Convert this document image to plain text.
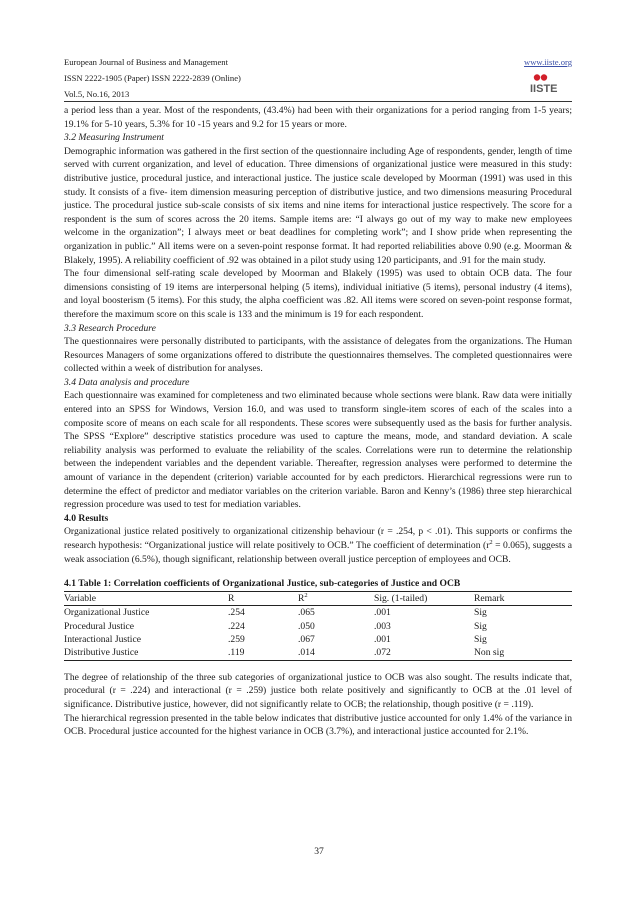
European Journal of Business and Management
ISSN 2222-1905 (Paper) ISSN 2222-2839 (Online)
Vol.5, No.16, 2013
www.iiste.org
IISTE

a period less than a year. Most of the respondents, (43.4%) had been with their organizations for a period ranging from 1-5 years; 19.1% for 5-10 years, 5.3% for 10 -15 years and 9.2 for 15 years or more.

3.2 Measuring Instrument

Demographic information was gathered in the first section of the questionnaire including Age of respondents, gender, length of time served with current organization, and level of education. Three dimensions of organizational justice were measured in this study: distributive justice, procedural justice, and interactional justice. The justice scale developed by Moorman (1991) was used in this study. It consists of a five- item dimension measuring perception of distributive justice, and two dimensions measuring Procedural justice. The procedural justice sub-scale consists of six items and nine items for interactional justice respectively. The score for a respondent is the sum of scores across the 20 items. Sample items are: “I always go out of my way to make new employees welcome in the organization”; I always meet or beat deadlines for completing work”; and I show pride when representing the organization in public.” All items were on a seven-point response format. It had reported reliabilities above 0.90 (e.g. Moorman & Blakely, 1995). A reliability coefficient of .92 was obtained in a pilot study using 120 participants, and .91 for the main study.

The four dimensional self-rating scale developed by Moorman and Blakely (1995) was used to obtain OCB data. The four dimensions consisting of 19 items are interpersonal helping (5 items), individual initiative (5 items), personal industry (4 items), and loyal boosterism (5 items). For this study, the alpha coefficient was .82. All items were scored on seven-point response format, therefore the maximum score on this scale is 133 and the minimum is 19 for each respondent.

3.3 Research Procedure

The questionnaires were personally distributed to participants, with the assistance of delegates from the organizations. The Human Resources Managers of some organizations offered to distribute the questionnaires themselves. The completed questionnaires were collected within a week of distribution for analyses.

3.4 Data analysis and procedure

Each questionnaire was examined for completeness and two eliminated because whole sections were blank. Raw data were initially entered into an SPSS for Windows, Version 16.0, and was used to transform single-item scores of each of the scales into a composite score of means on each scale for all respondents. These scores were subsequently used as the basis for further analysis. The SPSS “Explore” descriptive statistics procedure was used to capture the means, mode, and standard deviation. A scale reliability analysis was performed to evaluate the reliability of the scales. Correlations were run to determine the relationship between the independent variables and the dependent variable. Thereafter, regression analyses were performed to determine the amount of variance in the dependent (criterion) variable accounted for by each predictors. Hierarchical regressions were run to determine the effect of predictor and mediator variables on the criterion variable. Baron and Kenny’s (1986) three step hierarchical regression procedure was used to test for mediation variables.

4.0 Results

Organizational justice related positively to organizational citizenship behaviour (r = .254, p < .01). This supports or confirms the research hypothesis: “Organizational justice will relate positively to OCB.” The coefficient of determination $(r^2 = 0.065)$, suggests a weak association (6.5%), though significant, relationship between overall justice perception of employees and OCB.

4.1 Table 1: Correlation coefficients of Organizational Justice, sub-categories of Justice and OCB

Variable	R	$R^2$	Sig. (1-tailed)	Remark
Organizational Justice	.254	.065	.001	Sig
Procedural Justice	.224	.050	.003	Sig
Interactional Justice	.259	.067	.001	Sig
Distributive Justice	.119	.014	.072	Non sig

The degree of relationship of the three sub categories of organizational justice to OCB was also sought. The results indicate that, procedural (r = .224) and interactional (r = .259) justice both relate positively and significantly to OCB at the .01 level of significance. Distributive justice, however, did not significantly relate to OCB; the relationship, though positive (r = .119).

The hierarchical regression presented in the table below indicates that distributive justice accounted for only 1.4% of the variance in OCB. Procedural justice accounted for the highest variance in OCB (3.7%), and interactional justice accounted for 2.1%.

37
